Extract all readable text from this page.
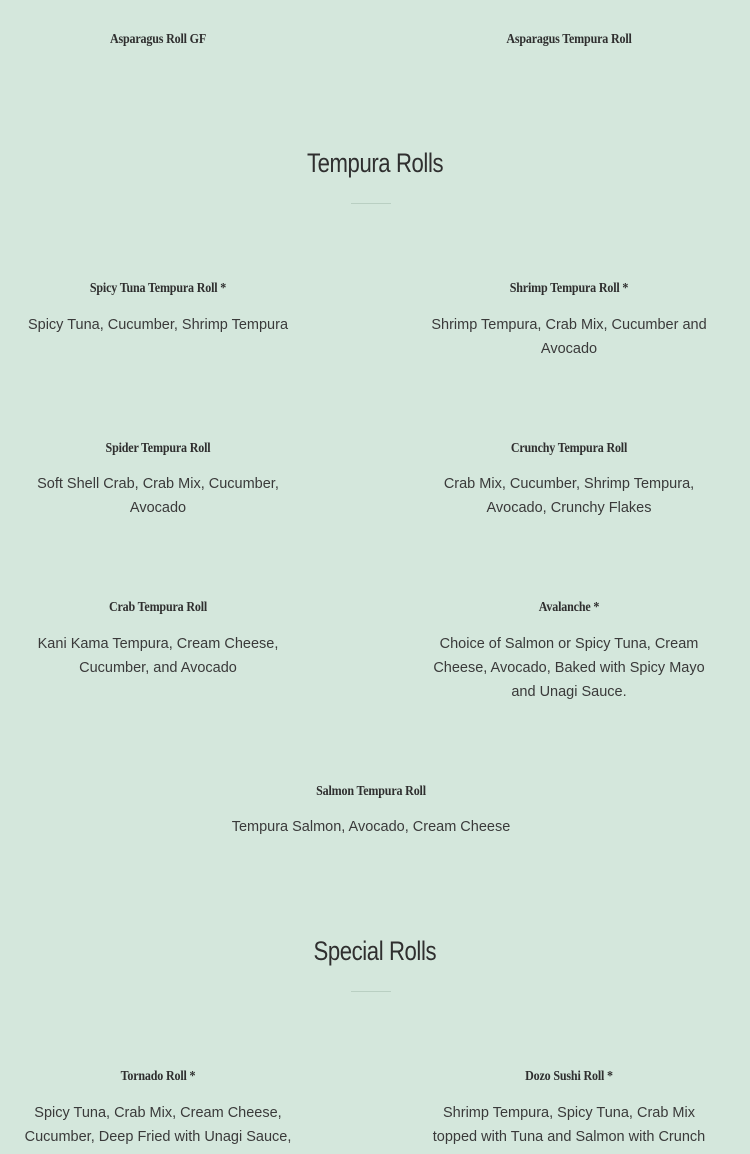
Asparagus Roll GF	Asparagus Tempura Roll
Tempura Rolls
Spicy Tuna Tempura Roll *
Spicy Tuna, Cucumber, Shrimp Tempura
Shrimp Tempura Roll *
Shrimp Tempura, Crab Mix, Cucumber and Avocado
Spider Tempura Roll
Soft Shell Crab, Crab Mix, Cucumber, Avocado
Crunchy Tempura Roll
Crab Mix, Cucumber, Shrimp Tempura, Avocado, Crunchy Flakes
Crab Tempura Roll
Kani Kama Tempura, Cream Cheese, Cucumber, and Avocado
Avalanche *
Choice of Salmon or Spicy Tuna, Cream Cheese, Avocado, Baked with Spicy Mayo and Unagi Sauce.
Salmon Tempura Roll
Tempura Salmon, Avocado, Cream Cheese
Special Rolls
Tornado Roll *
Spicy Tuna, Crab Mix, Cream Cheese, Cucumber, Deep Fried with Unagi Sauce,
Dozo Sushi Roll *
Shrimp Tempura, Spicy Tuna, Crab Mix topped with Tuna and Salmon with Crunch
